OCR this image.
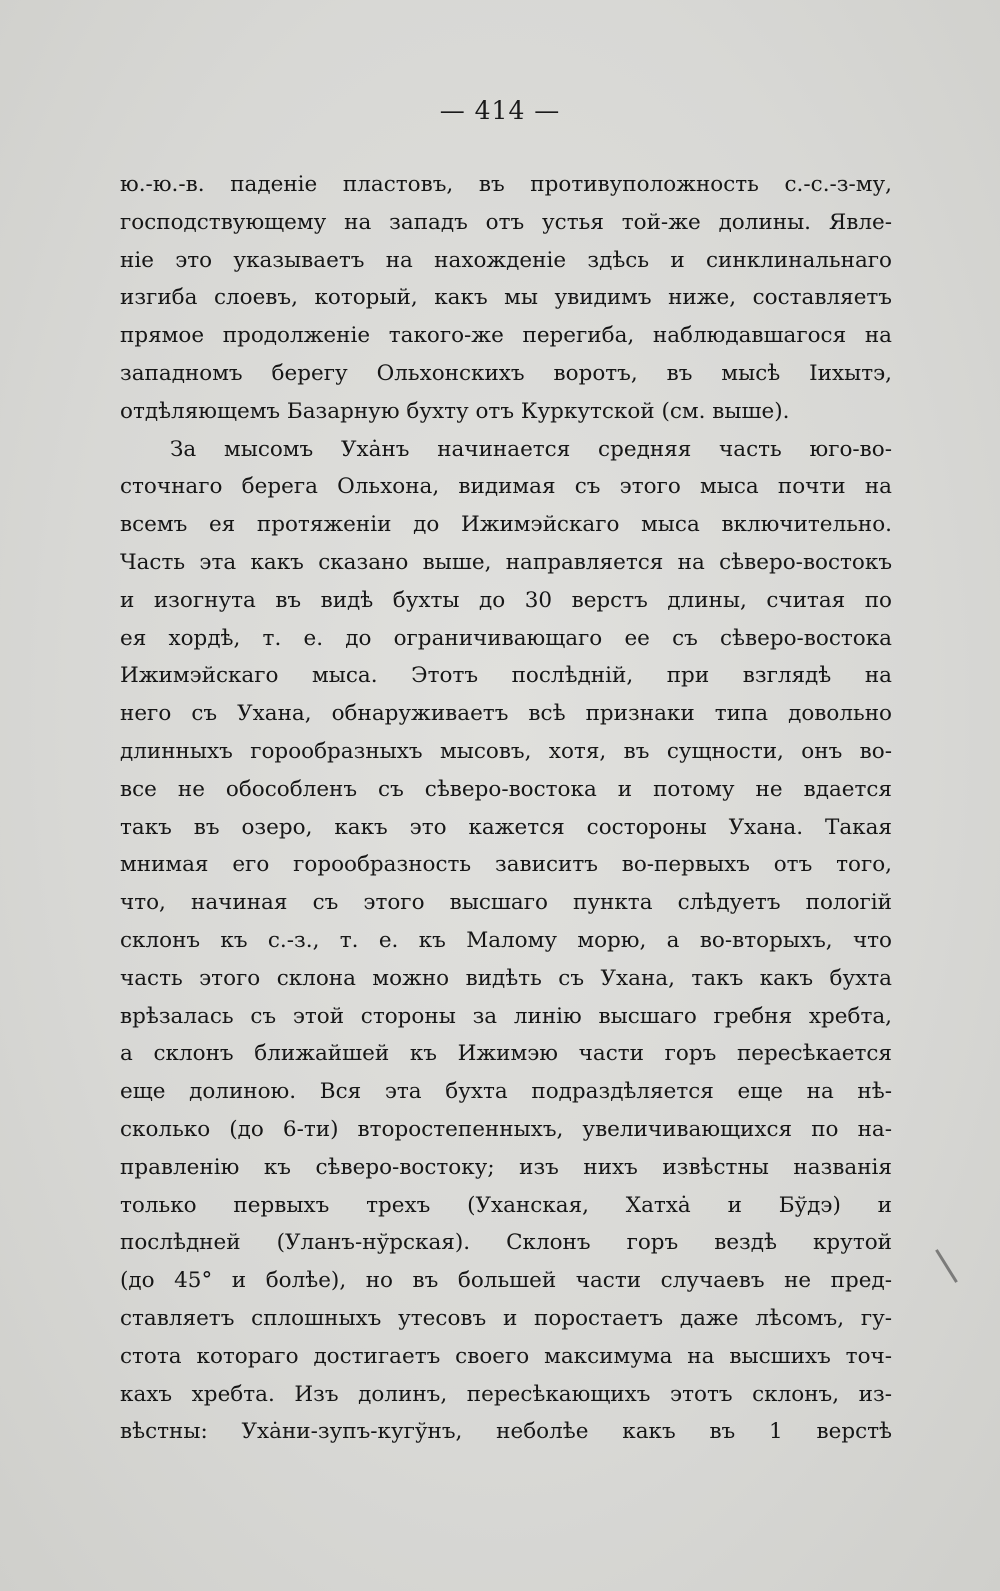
— 414 —
ю.-ю.-в. паденіе пластовъ, въ противуположность с.-с.-з-му,
господствующему на западъ отъ устья той-же долины. Явле-
ніе это указываетъ на нахожденіе здѣсь и синклинальнаго
изгиба слоевъ, который, какъ мы увидимъ ниже, составляетъ
прямое продолженіе такого-же перегиба, наблюдавшагося на
западномъ берегу Ольхонскихъ воротъ, въ мысѣ Іихытэ,
отдѣляющемъ Базарную бухту отъ Куркутской (см. выше).
За мысомъ Ухȧнъ начинается средняя часть юго-во-
сточнаго берега Ольхона, видимая съ этого мыса почти на
всемъ ея протяженіи до Ижимэйскаго мыса включительно.
Часть эта какъ сказано выше, направляется на сѣверо-востокъ
и изогнута въ видѣ бухты до 30 верстъ длины, считая по
ея хордѣ, т. е. до ограничивающаго ее съ сѣверо-востока
Ижимэйскаго мыса. Этотъ послѣдній, при взглядѣ на
него съ Ухана, обнаруживаетъ всѣ признаки типа довольно
длинныхъ горообразныхъ мысовъ, хотя, въ сущности, онъ во-
все не обособленъ съ сѣверо-востока и потому не вдается
такъ въ озеро, какъ это кажется состороны Ухана. Такая
мнимая его горообразность зависитъ во-первыхъ отъ того,
что, начиная съ этого высшаго пункта слѣдуетъ пологій
склонъ къ с.-з., т. е. къ Малому морю, а во-вторыхъ, что
часть этого склона можно видѣть съ Ухана, такъ какъ бухта
врѣзалась съ этой стороны за линію высшаго гребня хребта,
а склонъ ближайшей къ Ижимэю части горъ пересѣкается
еще долиною. Вся эта бухта подраздѣляется еще на нѣ-
сколько (до 6-ти) второстепенныхъ, увеличивающихся по на-
правленію къ сѣверо-востоку; изъ нихъ извѣстны названія
только первыхъ трехъ (Уханская, Хатхȧ и Бўдэ) и
послѣдней (Уланъ-нўрская). Склонъ горъ вездѣ крутой
(до 45° и болѣе), но въ большей части случаевъ не пред-
ставляетъ сплошныхъ утесовъ и поростаетъ даже лѣсомъ, гу-
стота котораго достигаетъ своего максимума на высшихъ точ-
кахъ хребта. Изъ долинъ, пересѣкающихъ этотъ склонъ, из-
вѣстны: Ухȧни-зупъ-кугўнъ, неболѣе какъ въ 1 верстѣ
